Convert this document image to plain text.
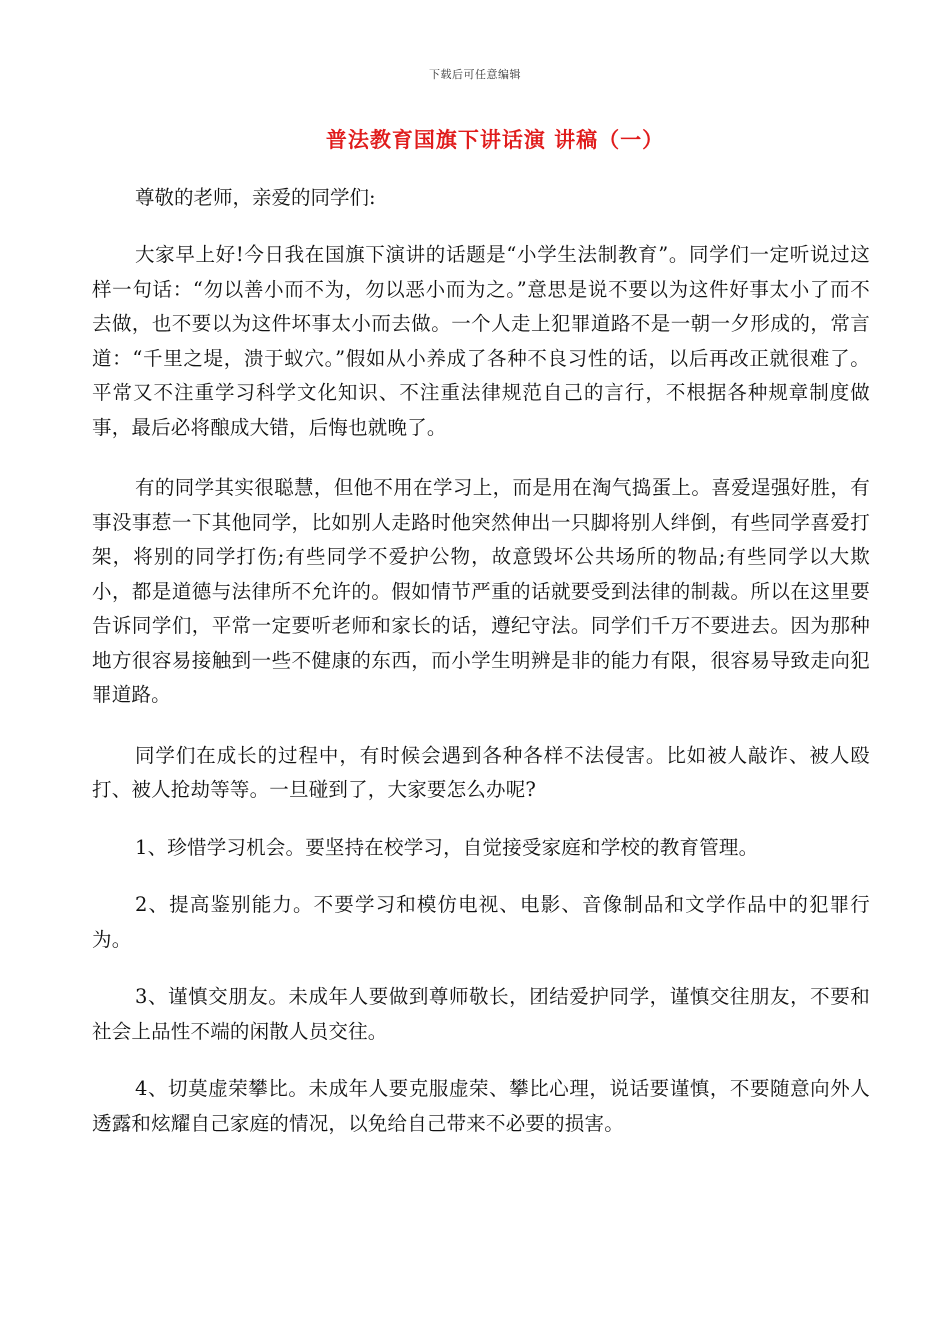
下载后可任意编辑
普法教育国旗下讲话演 讲稿（一）
尊敬的老师，亲爱的同学们:

大家早上好!今日我在国旗下演讲的话题是“小学生法制教育”。同学们一定听说过这样一句话：“勿以善小而不为，勿以恶小而为之。”意思是说不要以为这件好事太小了而不去做，也不要以为这件坏事太小而去做。一个人走上犯罪道路不是一朝一夕形成的，常言道：“千里之堤，溃于蚁穴。”假如从小养成了各种不良习性的话，以后再改正就很难了。平常又不注重学习科学文化知识、不注重法律规范自己的言行，不根据各种规章制度做事，最后必将酿成大错，后悔也就晚了。

有的同学其实很聪慧，但他不用在学习上，而是用在淘气捣蛋上。喜爱逞强好胜，有事没事惹一下其他同学，比如别人走路时他突然伸出一只脚将别人绊倒，有些同学喜爱打架，将别的同学打伤;有些同学不爱护公物，故意毁坏公共场所的物品;有些同学以大欺小，都是道德与法律所不允许的。假如情节严重的话就要受到法律的制裁。所以在这里要告诉同学们，平常一定要听老师和家长的话，遵纪守法。同学们千万不要进去。因为那种地方很容易接触到一些不健康的东西，而小学生明辨是非的能力有限，很容易导致走向犯罪道路。

同学们在成长的过程中，有时候会遇到各种各样不法侵害。比如被人敲诈、被人殴打、被人抢劫等等。一旦碰到了，大家要怎么办呢?

1、珍惜学习机会。要坚持在校学习，自觉接受家庭和学校的教育管理。

2、提高鉴别能力。不要学习和模仿电视、电影、音像制品和文学作品中的犯罪行为。

3、谨慎交朋友。未成年人要做到尊师敬长，团结爱护同学，谨慎交往朋友，不要和社会上品性不端的闲散人员交往。

4、切莫虚荣攀比。未成年人要克服虚荣、攀比心理，说话要谨慎，不要随意向外人透露和炫耀自己家庭的情况，以免给自己带来不必要的损害。
